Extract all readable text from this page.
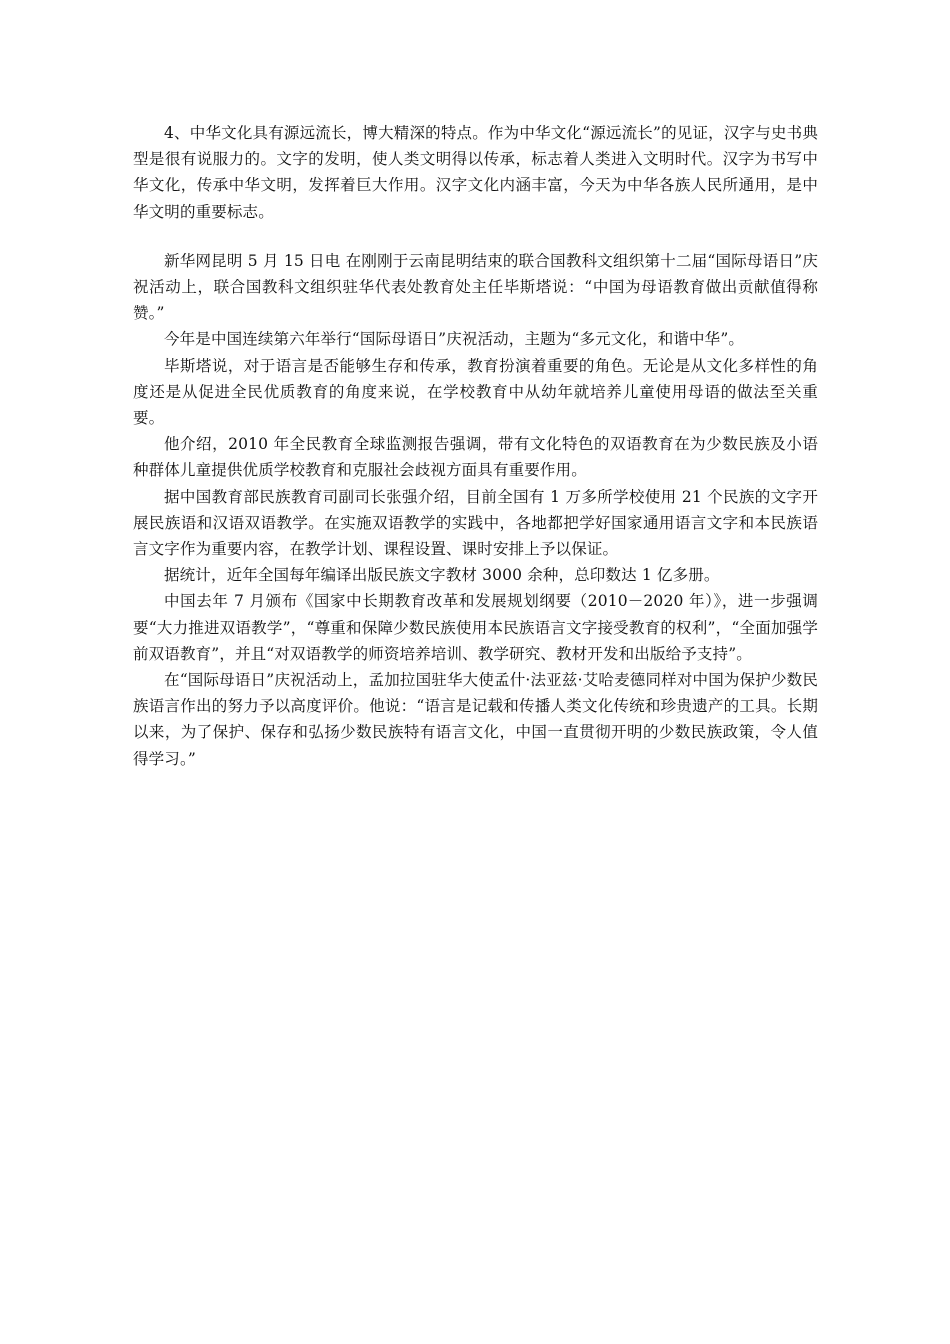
4、中华文化具有源远流长，博大精深的特点。作为中华文化“源远流长”的见证，汉字与史书典型是很有说服力的。文字的发明，使人类文明得以传承，标志着人类进入文明时代。汉字为书写中华文化，传承中华文明，发挥着巨大作用。汉字文化内涵丰富，今天为中华各族人民所通用，是中华文明的重要标志。

新华网昆明 5 月 15 日电 在刚刚于云南昆明结束的联合国教科文组织第十二届“国际母语日”庆祝活动上，联合国教科文组织驻华代表处教育处主任毕斯塔说：“中国为母语教育做出贡献值得称赞。”

今年是中国连续第六年举行“国际母语日”庆祝活动，主题为“多元文化，和谐中华”。

毕斯塔说，对于语言是否能够生存和传承，教育扮演着重要的角色。无论是从文化多样性的角度还是从促进全民优质教育的角度来说，在学校教育中从幼年就培养儿童使用母语的做法至关重要。

他介绍，2010 年全民教育全球监测报告强调，带有文化特色的双语教育在为少数民族及小语种群体儿童提供优质学校教育和克服社会歧视方面具有重要作用。

据中国教育部民族教育司副司长张强介绍，目前全国有 1 万多所学校使用 21 个民族的文字开展民族语和汉语双语教学。在实施双语教学的实践中，各地都把学好国家通用语言文字和本民族语言文字作为重要内容，在教学计划、课程设置、课时安排上予以保证。

据统计，近年全国每年编译出版民族文字教材 3000 余种，总印数达 1 亿多册。

中国去年 7 月颁布《国家中长期教育改革和发展规划纲要（2010－2020 年）》，进一步强调要“大力推进双语教学”，“尊重和保障少数民族使用本民族语言文字接受教育的权利”，“全面加强学前双语教育”，并且“对双语教学的师资培养培训、教学研究、教材开发和出版给予支持”。

在“国际母语日”庆祝活动上，孟加拉国驻华大使孟什·法亚兹·艾哈麦德同样对中国为保护少数民族语言作出的努力予以高度评价。他说：“语言是记载和传播人类文化传统和珍贵遗产的工具。长期以来，为了保护、保存和弘扬少数民族特有语言文化，中国一直贯彻开明的少数民族政策，令人值得学习。”
